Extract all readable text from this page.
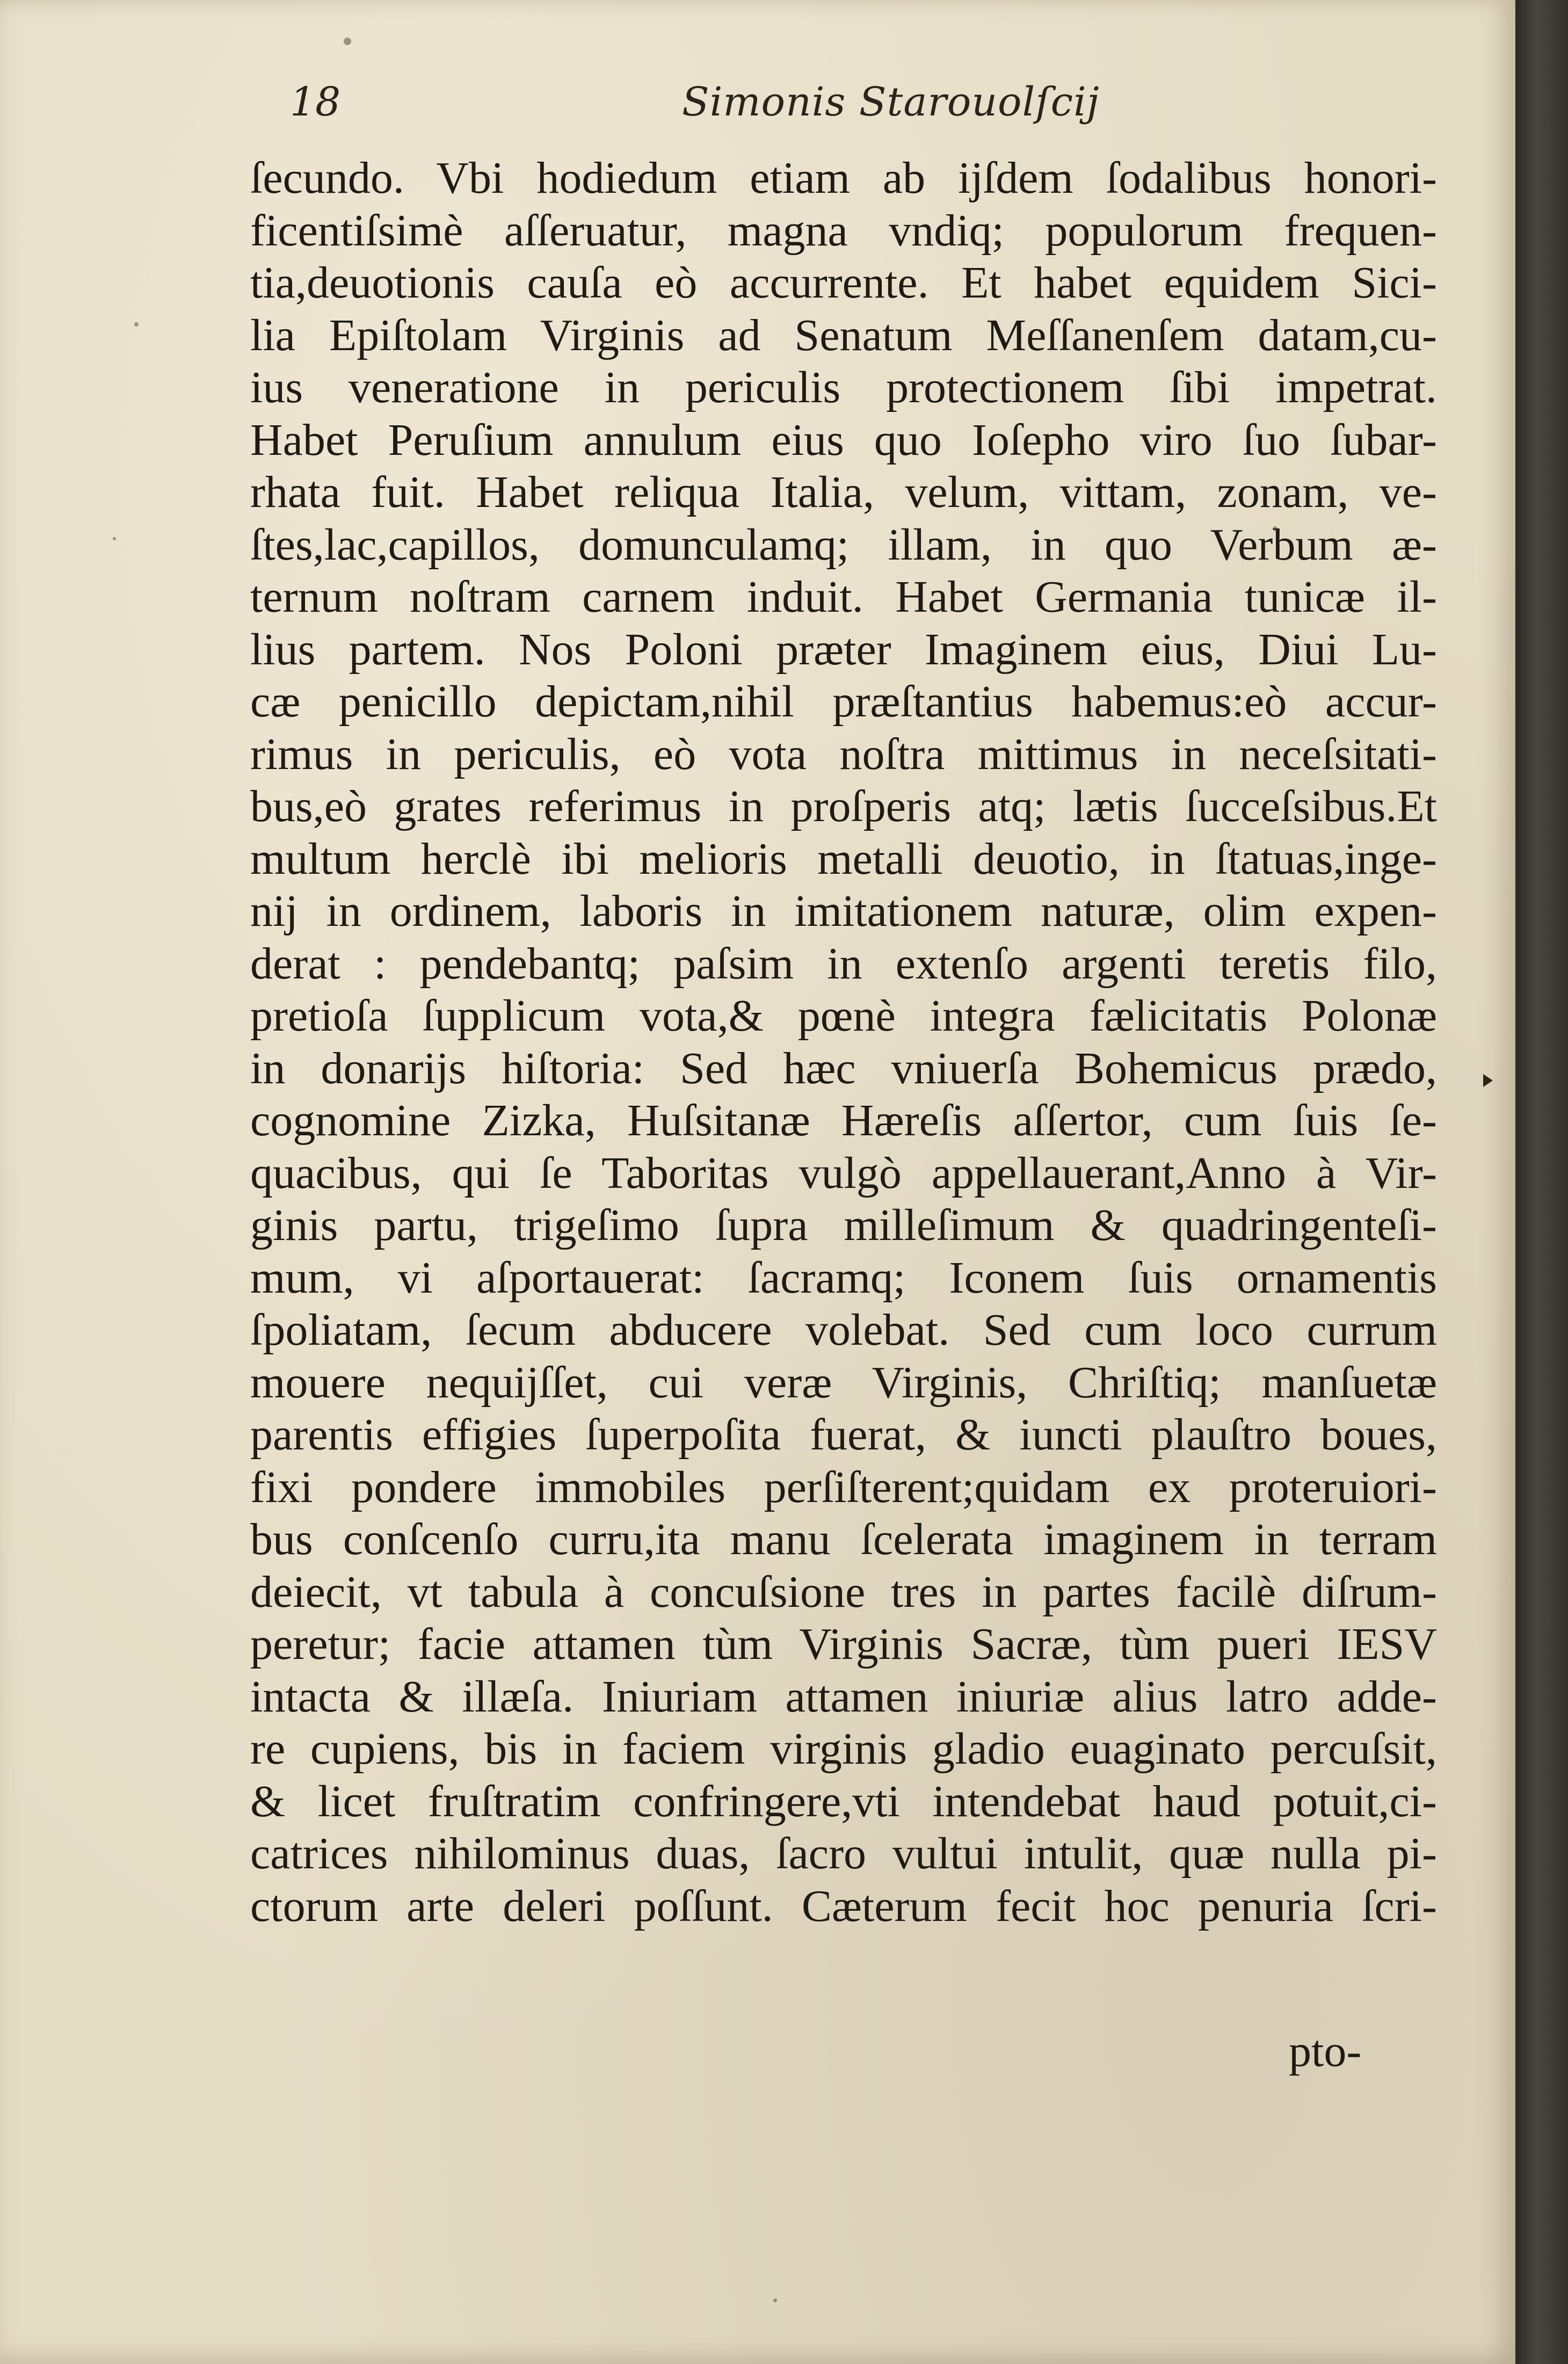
18	Simonis Starouolſcij
ſecundo. Vbi hodiedum etiam ab ijſdem ſodalibus honori-
ficentiſsimè aſſeruatur, magna vndiq; populorum frequen-
tia,deuotionis cauſa eò accurrente. Et habet equidem Sici-
lia Epiſtolam Virginis ad Senatum Meſſanenſem datam,cu-
ius veneratione in periculis protectionem ſibi impetrat.
Habet Peruſium annulum eius quo Ioſepho viro ſuo ſubar-
rhata fuit. Habet reliqua Italia, velum, vittam, zonam, ve-
ſtes,lac,capillos, domunculamq; illam, in quo Verbum æ-
ternum noſtram carnem induit. Habet Germania tunicæ il-
lius partem. Nos Poloni præter Imaginem eius, Diui Lu-
cæ penicillo depictam,nihil præſtantius habemus:eò accur-
rimus in periculis, eò vota noſtra mittimus in neceſsitati-
bus,eò grates referimus in proſperis atq; lætis ſucceſsibus.Et
multum herclè ibi melioris metalli deuotio, in ſtatuas,inge-
nij in ordinem, laboris in imitationem naturæ, olim expen-
derat : pendebantq; paſsim in extenſo argenti teretis filo,
pretioſa ſupplicum vota,& pœnè integra fælicitatis Polonæ
in donarijs hiſtoria: Sed hæc vniuerſa Bohemicus prædo,
cognomine Zizka, Huſsitanæ Hæreſis aſſertor, cum ſuis ſe-
quacibus, qui ſe Taboritas vulgò appellauerant,Anno à Vir-
ginis partu, trigeſimo ſupra milleſimum & quadringenteſi-
mum, vi aſportauerat: ſacramq; Iconem ſuis ornamentis
ſpoliatam, ſecum abducere volebat. Sed cum loco currum
mouere nequijſſet, cui veræ Virginis, Chriſtiq; manſuetæ
parentis effigies ſuperpoſita fuerat, & iuncti plauſtro boues,
fixi pondere immobiles perſiſterent;quidam ex proteruiori-
bus conſcenſo curru,ita manu ſcelerata imaginem in terram
deiecit, vt tabula à concuſsione tres in partes facilè diſrum-
peretur; facie attamen tùm Virginis Sacræ, tùm pueri IESV
intacta & illæſa. Iniuriam attamen iniuriæ alius latro adde-
re cupiens, bis in faciem virginis gladio euaginato percuſsit,
& licet fruſtratim confringere,vti intendebat haud potuit,ci-
catrices nihilominus duas, ſacro vultui intulit, quæ nulla pi-
ctorum arte deleri poſſunt. Cæterum fecit hoc penuria ſcri-
pto-
